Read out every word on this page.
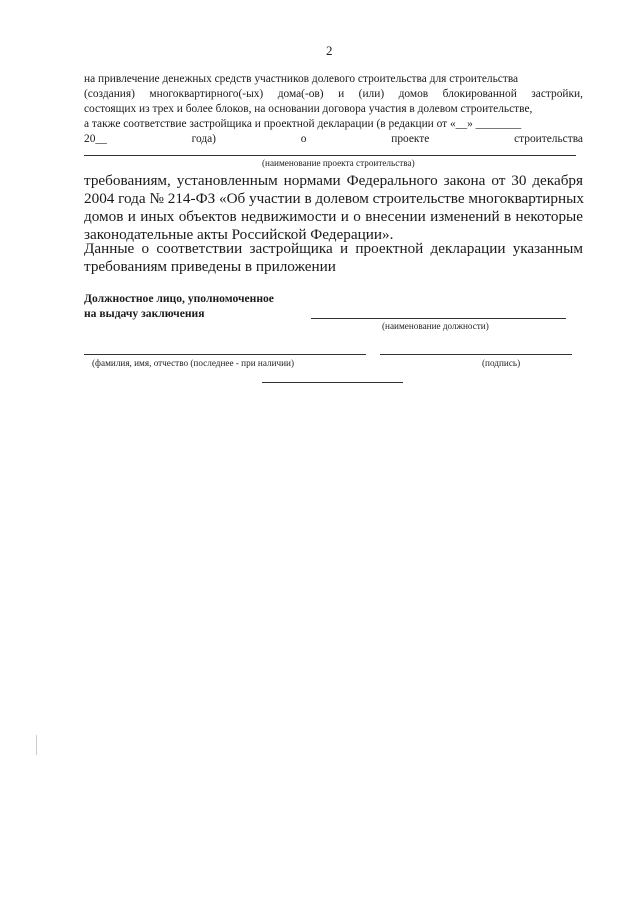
2
на привлечение денежных средств участников долевого строительства для строительства
(создания) многоквартирного(-ых) дома(-ов) и (или) домов блокированной застройки,
состоящих из трех и более блоков, на основании договора участия в долевом строительстве,
а также соответствие застройщика и проектной декларации (в редакции от «__» ________
20__ года) о проекте строительства
(наименование проекта строительства)
требованиям, установленным нормами Федерального закона от 30 декабря
2004 года № 214-ФЗ «Об участии в долевом строительстве многоквартирных
домов и иных объектов недвижимости и о внесении изменений в некоторые
законодательные акты Российской Федерации».
Данные о соответствии застройщика и проектной декларации указанным
требованиям приведены в приложении
Должностное лицо, уполномоченное
на выдачу заключения
(наименование должности)
(фамилия, имя, отчество (последнее - при наличии)	(подпись)
